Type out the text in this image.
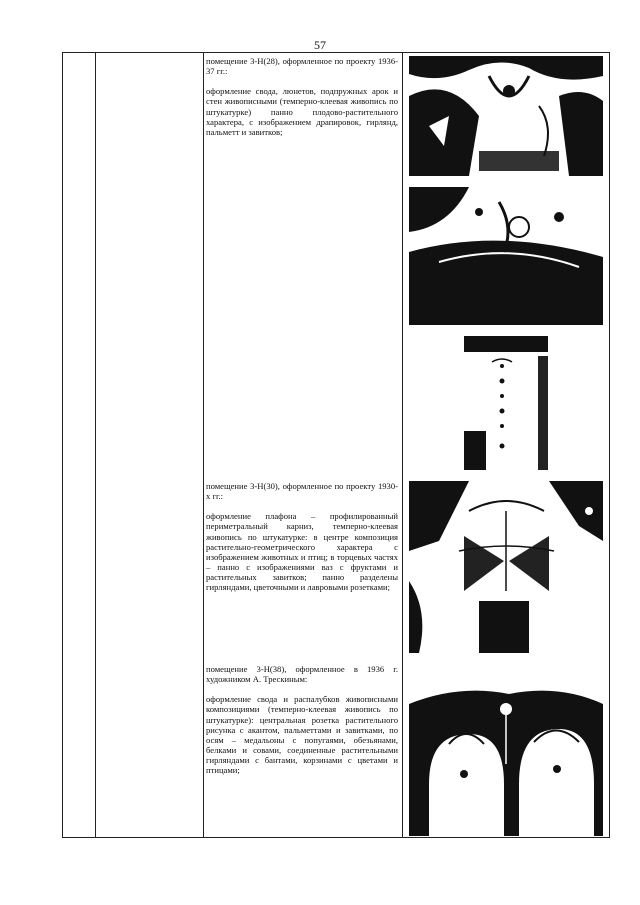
57

помещение 3-Н(28), оформленное по проекту 1936-37 гг.:

оформление свода, люнетов, подпружных арок и стен живописными (темперно-клеевая живопись по штукатурке) панно плодово-растительного характера, с изображением драпировок, гирлянд, пальметт и завитков;

помещение 3-Н(30), оформленное по проекту 1930-х гг.:

оформление плафона – профилированный периметральный карниз, темперно-клеевая живопись по штукатурке: в центре композиция растительно-геометрического характера с изображением животных и птиц; в торцевых частях – панно с изображениями ваз с фруктами и растительных завитков; панно разделены гирляндами, цветочными и лавровыми розетками;

помещение 3-Н(38), оформленное в 1936 г. художником А. Трескиным:

оформление свода и распалубков живописными композициями (темперно-клеевая живопись по штукатурке): центральная розетка растительного рисунка с акантом, пальметтами и завитками, по осям – медальоны с попугаями, обезьянами, белками и совами, соединенные растительными гирляндами с бантами, корзинами с цветами и птицами;
